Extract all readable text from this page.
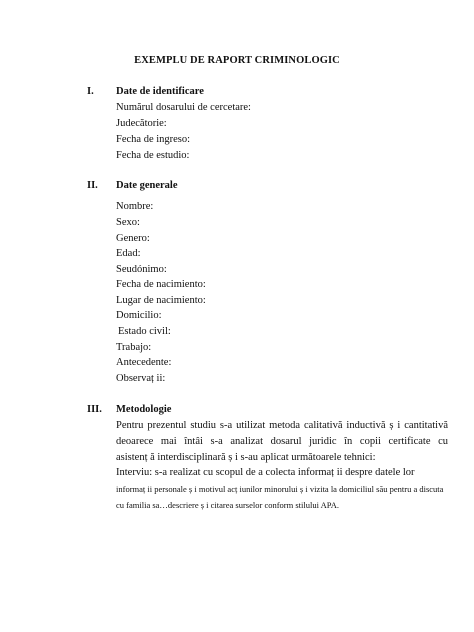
EXEMPLU DE RAPORT CRIMINOLOGIC
I. Date de identificare
Numărul dosarului de cercetare:
Judecătorie:
Fecha de ingreso:
Fecha de estudio:
II. Date generale
Nombre:
Sexo:
Genero:
Edad:
Seudónimo:
Fecha de nacimiento:
Lugar de nacimiento:
Domicilio:
Estado civil:
Trabajo:
Antecedente:
Observaț ii:
III. Metodologie
Pentru prezentul studiu s-a utilizat metoda calitativă inductivă ș i cantitativă
deoarece mai întâi s-a analizat dosarul juridic în copii certificate cu
asistenț ă interdisciplinară ș i s-au aplicat următoarele tehnici:
Interviu: s-a realizat cu scopul de a colecta informaț ii despre datele lor
informaț ii personale ș i motivul acț iunilor minorului ș i vizita la domiciliul său pentru a discuta
cu familia sa…descriere ș i citarea surselor conform stilului APA.
